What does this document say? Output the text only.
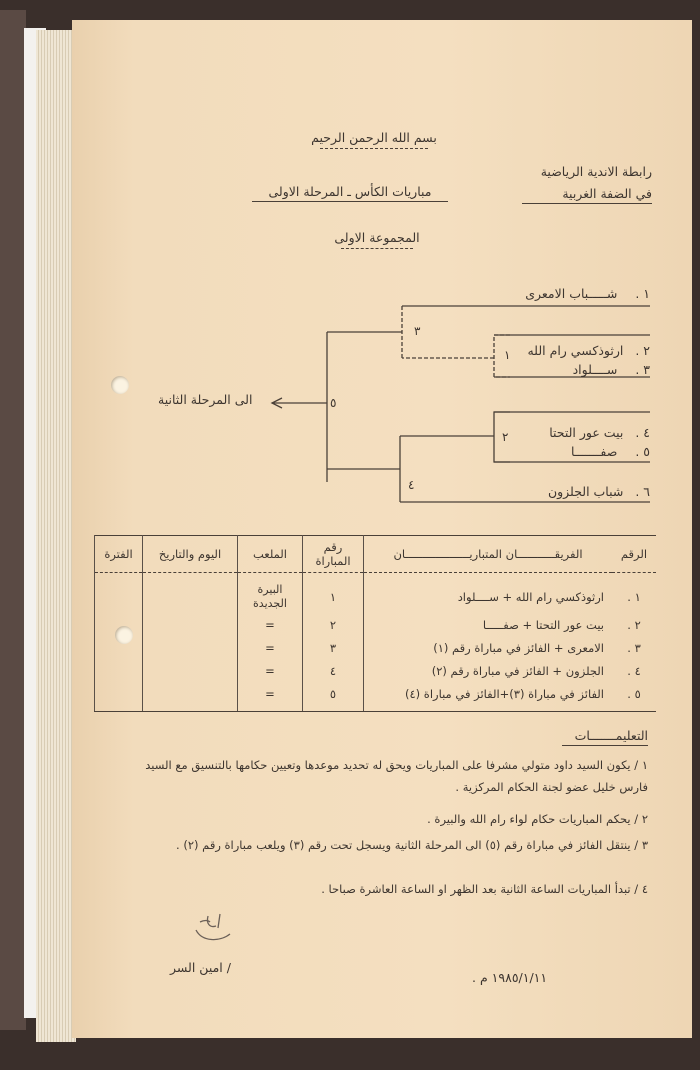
بسم الله الرحمن الرحيم
رابطة الاندية الرياضية
في الضفة الغربية
مباريات الكأس ـ المرحلة الاولى
المجموعة الاولى
١ . شـــــباب الامعرى
٢ . ارثوذكسي رام الله
٣ . ســــلواد
٤ . بيت عور التحتا
٥ . صفـــــــا
٦ . شباب الجلزون
١
٢
٣
٤
٥
الى المرحلة الثانية
الرقم	الفريقـــــــــــان المتباريـــــــــــــــــــان	رقم المباراة	الملعب	اليوم والتاريخ	الفترة
١ .	ارثوذكسي رام الله + ســــلواد	١	البيرة الجديدة		
٢ .	بيت عور التحتا + صفـــــا	٢	=		
٣ .	الامعرى + الفائز في مباراة رقم (١)	٣	=		
٤ .	الجلزون + الفائز في مباراة رقم (٢)	٤	=		
٥ .	الفائز في مباراة (٣)+الفائز في مباراة (٤)	٥	=		
التعليمـــــــات
١ / يكون السيد داود متولي مشرفا على المباريات ويحق له تحديد موعدها وتعيين حكامها بالتنسيق مع السيد فارس خليل عضو لجنة الحكام المركزية .
٢ / يحكم المباريات حكام لواء رام الله والبيرة .
٣ / ينتقل الفائز في مباراة رقم (٥) الى المرحلة الثانية ويسجل تحت رقم (٣) ويلعب مباراة رقم (٢) .
٤ / تبدأ المباريات الساعة الثانية بعد الظهر او الساعة العاشرة صباحا .
/ امين السر
١٩٨٥/١/١١ م .
